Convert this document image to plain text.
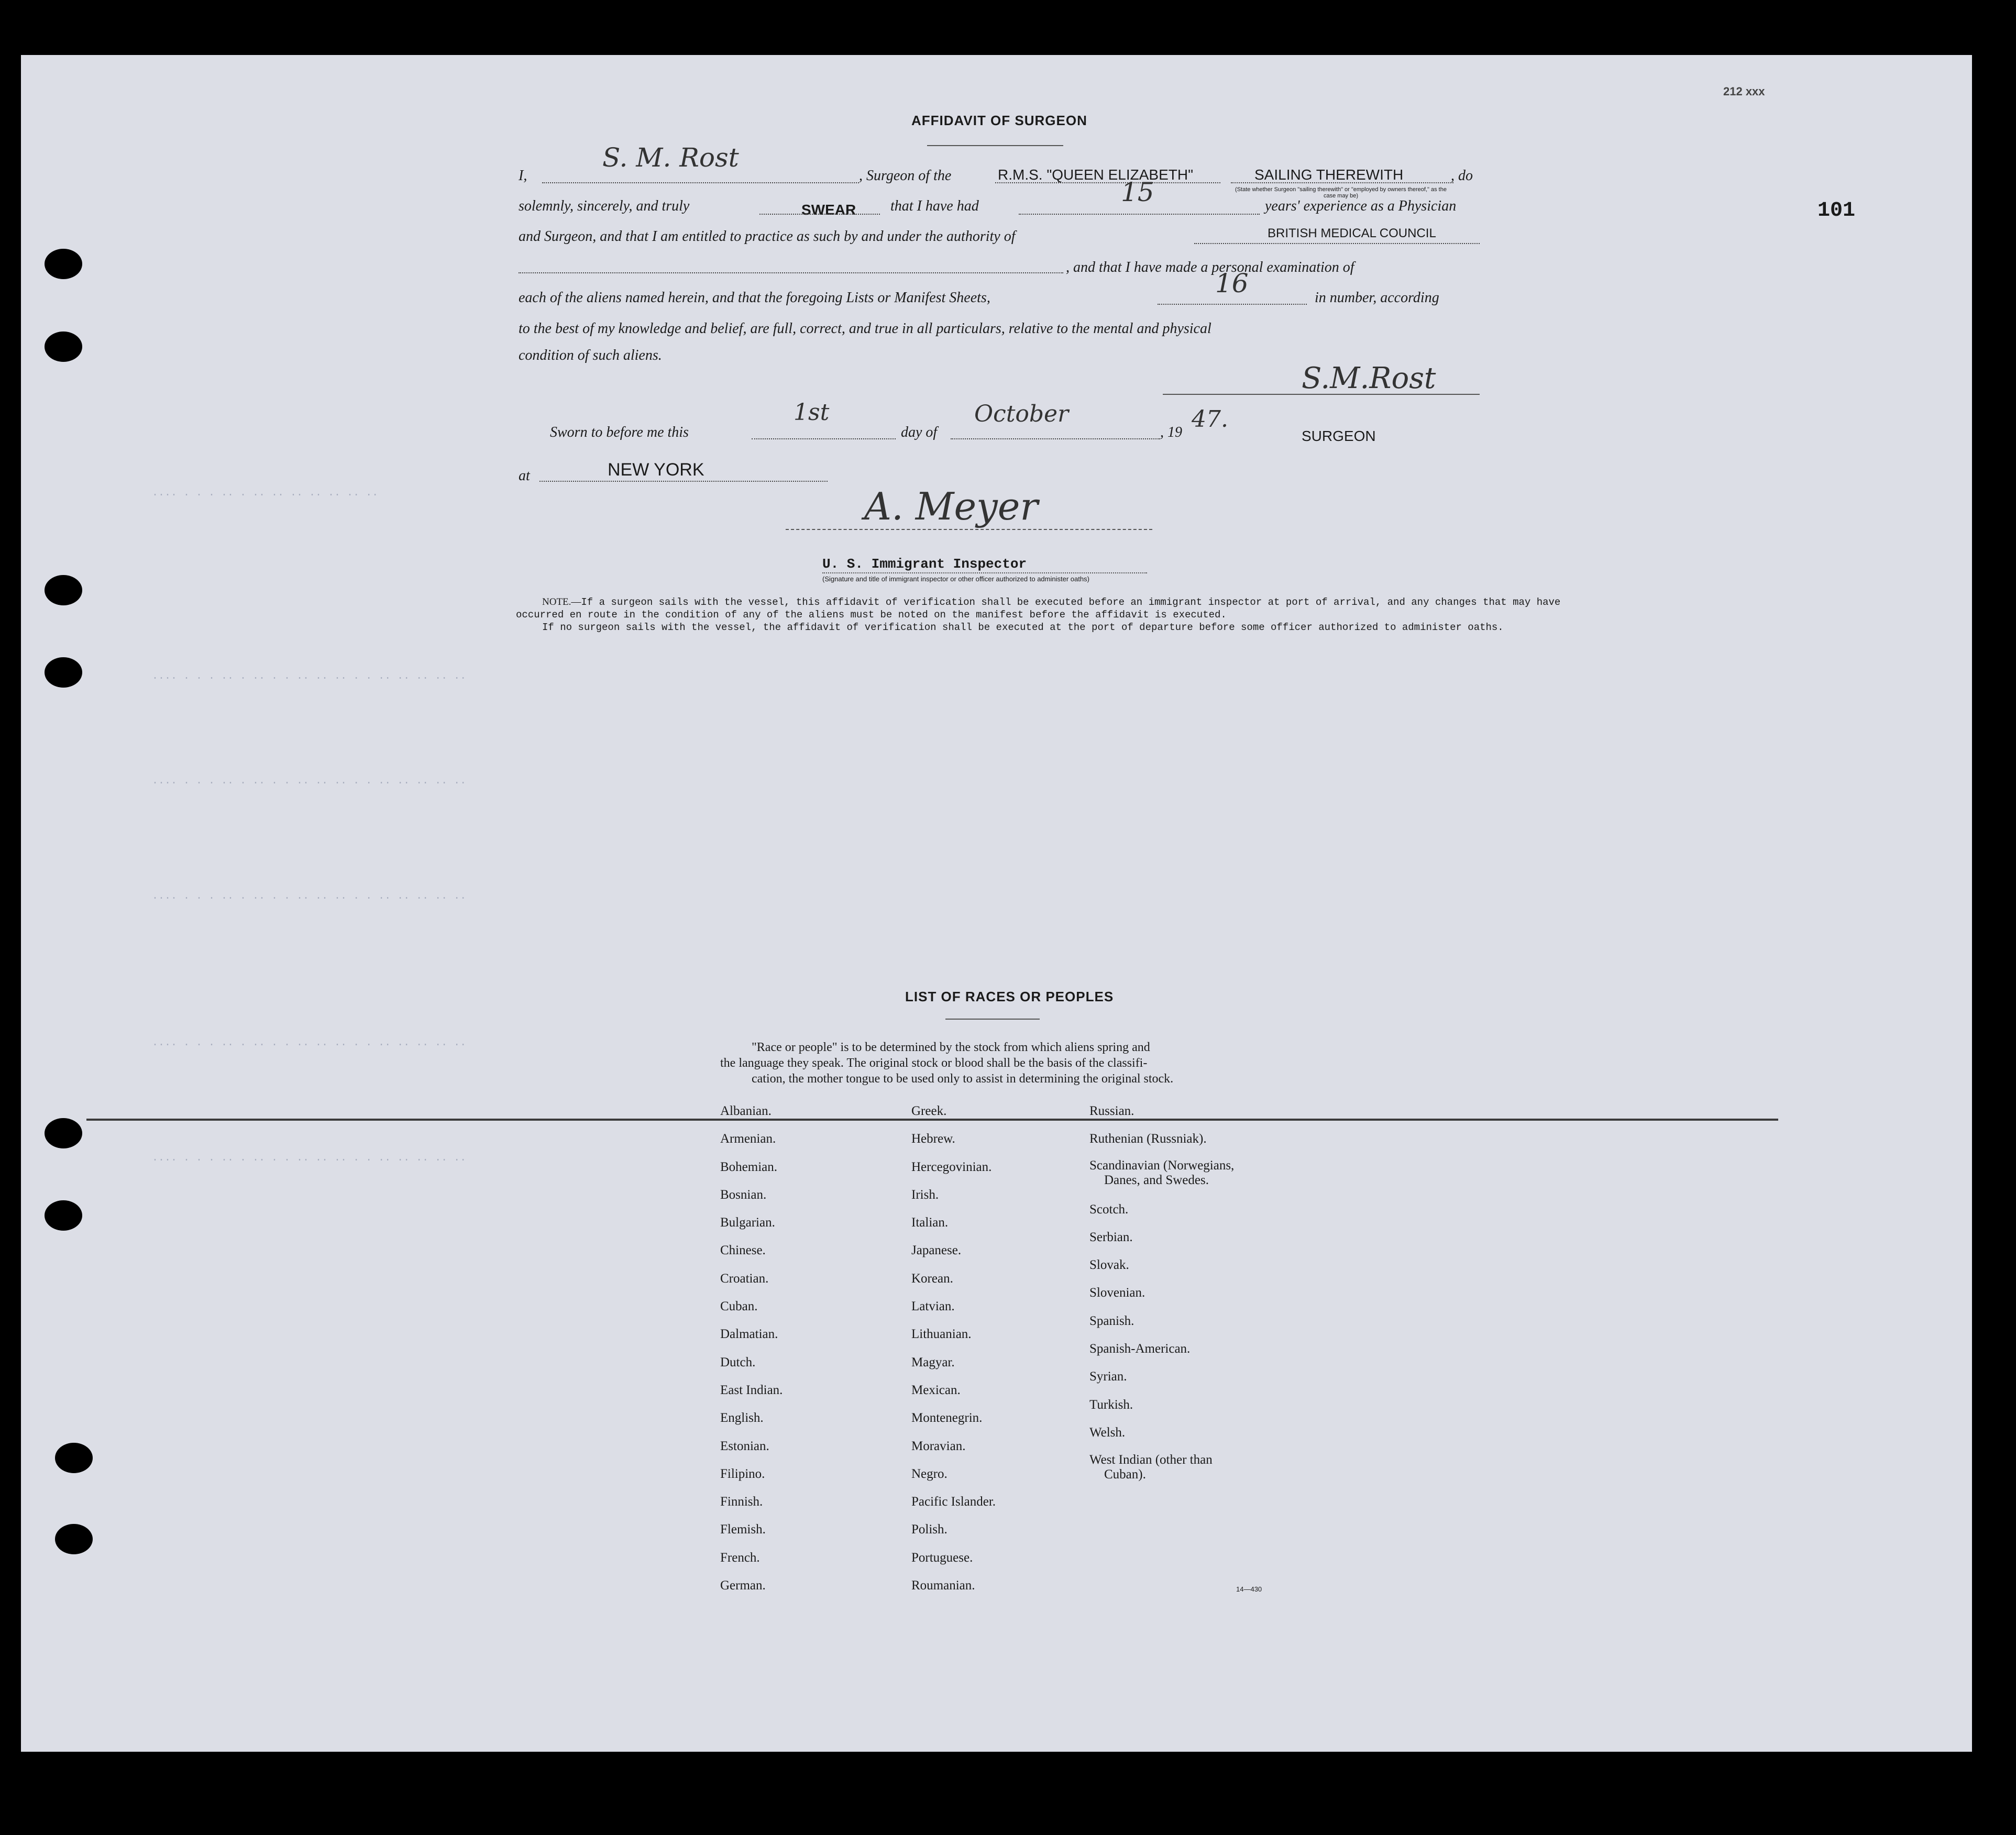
.... . . . .. . .. .. .. .. .. .. ..
.... . . . .. . .. . . .. .. .. . . .. .. .. .. ..
.... . . . .. . .. . . .. .. .. . . .. .. .. .. ..
.... . . . .. . .. . . .. .. .. . . .. .. .. .. ..
.... . . . .. . .. . . .. .. .. . . .. .. .. .. ..
.... . . . .. . .. . . .. .. .. . . .. .. .. .. ..
212 xxx
101
AFFIDAVIT OF SURGEON
I,
S. M. Rost
, Surgeon of the	R.M.S. "QUEEN ELIZABETH"	SAILING THEREWITH	, do
(State whether Surgeon "sailing therewith" or "employed by owners thereof," as the case may be)
solemnly, sincerely, and truly	SWEAR that I have had	15	years' experience as a Physician
and Surgeon, and that I am entitled to practice as such by and under the authority of	BRITISH MEDICAL COUNCIL
, and that I have made a personal examination of
each of the aliens named herein, and that the foregoing Lists or Manifest Sheets,	16	in number, according
to the best of my knowledge and belief, are full, correct, and true in all particulars, relative to the mental and physical
condition of such aliens.
S.M.Rost
SURGEON
Sworn to before me this
1st
day of
October
, 19 47.
at	NEW YORK
A. Meyer
U. S. Immigrant Inspector
(Signature and title of immigrant inspector or other officer authorized to administer oaths)
NOTE.—If a surgeon sails with the vessel, this affidavit of verification shall be executed before an immigrant inspector at port of arrival, and any changes that may have
occurred en route in the condition of any of the aliens must be noted on the manifest before the affidavit is executed.
If no surgeon sails with the vessel, the affidavit of verification shall be executed at the port of departure before some officer authorized to administer oaths.
LIST OF RACES OR PEOPLES
"Race or people" is to be determined by the stock from which aliens spring and
the language they speak. The original stock or blood shall be the basis of the classifi-
cation, the mother tongue to be used only to assist in determining the original stock.
Albanian.
Armenian.
Bohemian.
Bosnian.
Bulgarian.
Chinese.
Croatian.
Cuban.
Dalmatian.
Dutch.
East Indian.
English.
Estonian.
Filipino.
Finnish.
Flemish.
French.
German.
Greek.
Hebrew.
Hercegovinian.
Irish.
Italian.
Japanese.
Korean.
Latvian.
Lithuanian.
Magyar.
Mexican.
Montenegrin.
Moravian.
Negro.
Pacific Islander.
Polish.
Portuguese.
Roumanian.
Russian.
Ruthenian (Russniak).
Scandinavian (Norwegians,
Danes, and Swedes.
Scotch.
Serbian.
Slovak.
Slovenian.
Spanish.
Spanish-American.
Syrian.
Turkish.
Welsh.
West Indian (other than
Cuban).
14—430
